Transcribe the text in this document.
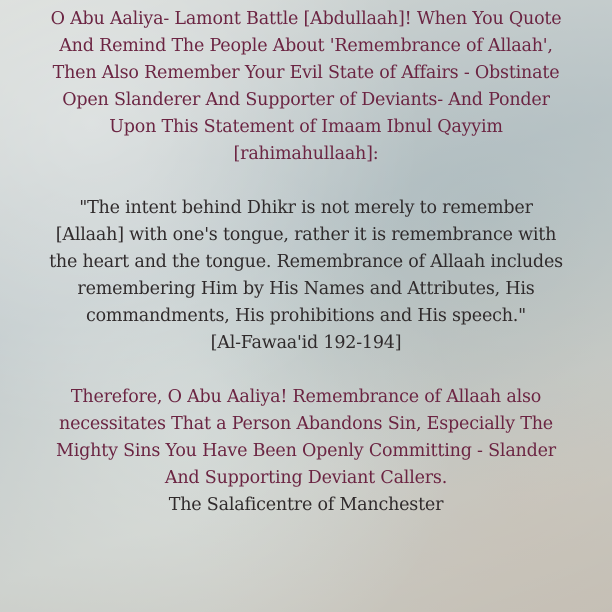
O Abu Aaliya- Lamont Battle [Abdullaah]! When You Quote
And Remind The People About 'Remembrance of Allaah',
Then Also Remember Your Evil State of Affairs - Obstinate
Open Slanderer And Supporter of Deviants- And Ponder
Upon This Statement of Imaam Ibnul Qayyim
[rahimahullaah]:

"The intent behind Dhikr is not merely to remember
[Allaah] with one's tongue, rather it is remembrance with
the heart and the tongue. Remembrance of Allaah includes
remembering Him by His Names and Attributes, His
commandments, His prohibitions and His speech."
[Al-Fawaa'id 192-194]

Therefore, O Abu Aaliya! Remembrance of Allaah also
necessitates That a Person Abandons Sin, Especially The
Mighty Sins You Have Been Openly Committing - Slander
And Supporting Deviant Callers.
The Salaficentre of Manchester
